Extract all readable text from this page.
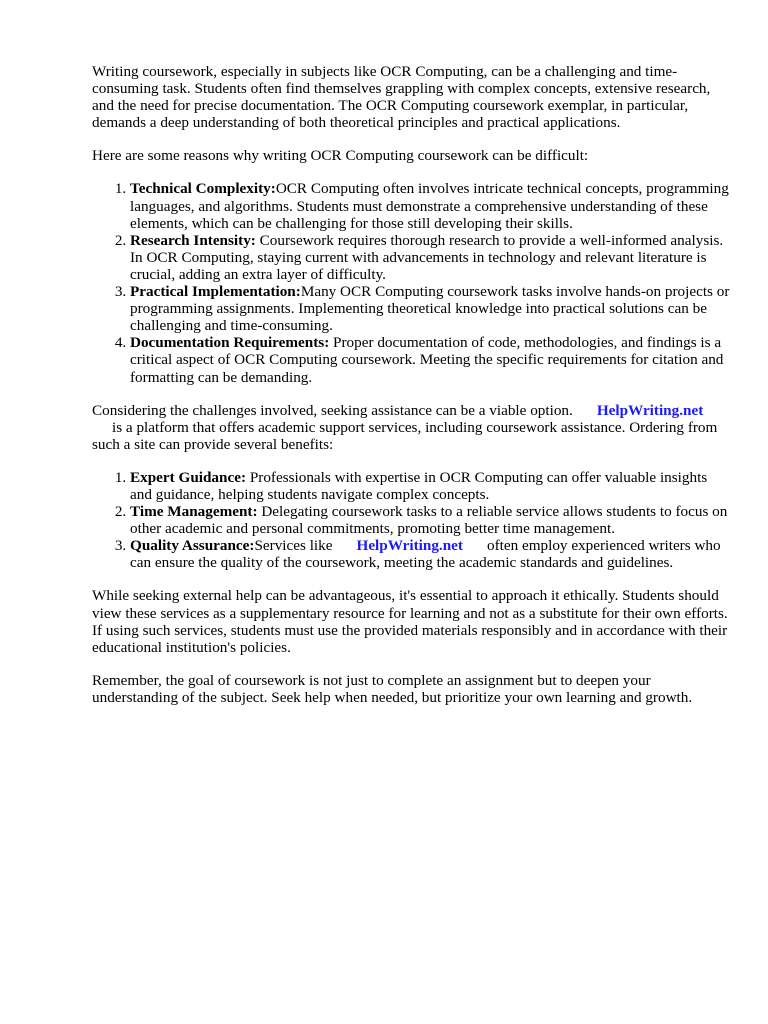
Writing coursework, especially in subjects like OCR Computing, can be a challenging and time-consuming task. Students often find themselves grappling with complex concepts, extensive research, and the need for precise documentation. The OCR Computing coursework exemplar, in particular, demands a deep understanding of both theoretical principles and practical applications.

Here are some reasons why writing OCR Computing coursework can be difficult:

1. Technical Complexity:OCR Computing often involves intricate technical concepts, programming languages, and algorithms. Students must demonstrate a comprehensive understanding of these elements, which can be challenging for those still developing their skills.
2. Research Intensity: Coursework requires thorough research to provide a well-informed analysis. In OCR Computing, staying current with advancements in technology and relevant literature is crucial, adding an extra layer of difficulty.
3. Practical Implementation:Many OCR Computing coursework tasks involve hands-on projects or programming assignments. Implementing theoretical knowledge into practical solutions can be challenging and time-consuming.
4. Documentation Requirements: Proper documentation of code, methodologies, and findings is a critical aspect of OCR Computing coursework. Meeting the specific requirements for citation and formatting can be demanding.

Considering the challenges involved, seeking assistance can be a viable option. HelpWriting.net
is a platform that offers academic support services, including coursework assistance. Ordering from such a site can provide several benefits:

1. Expert Guidance: Professionals with expertise in OCR Computing can offer valuable insights and guidance, helping students navigate complex concepts.
2. Time Management: Delegating coursework tasks to a reliable service allows students to focus on other academic and personal commitments, promoting better time management.
3. Quality Assurance:Services like HelpWriting.net often employ experienced writers who can ensure the quality of the coursework, meeting the academic standards and guidelines.

While seeking external help can be advantageous, it's essential to approach it ethically. Students should view these services as a supplementary resource for learning and not as a substitute for their own efforts. If using such services, students must use the provided materials responsibly and in accordance with their educational institution's policies.

Remember, the goal of coursework is not just to complete an assignment but to deepen your understanding of the subject. Seek help when needed, but prioritize your own learning and growth.
